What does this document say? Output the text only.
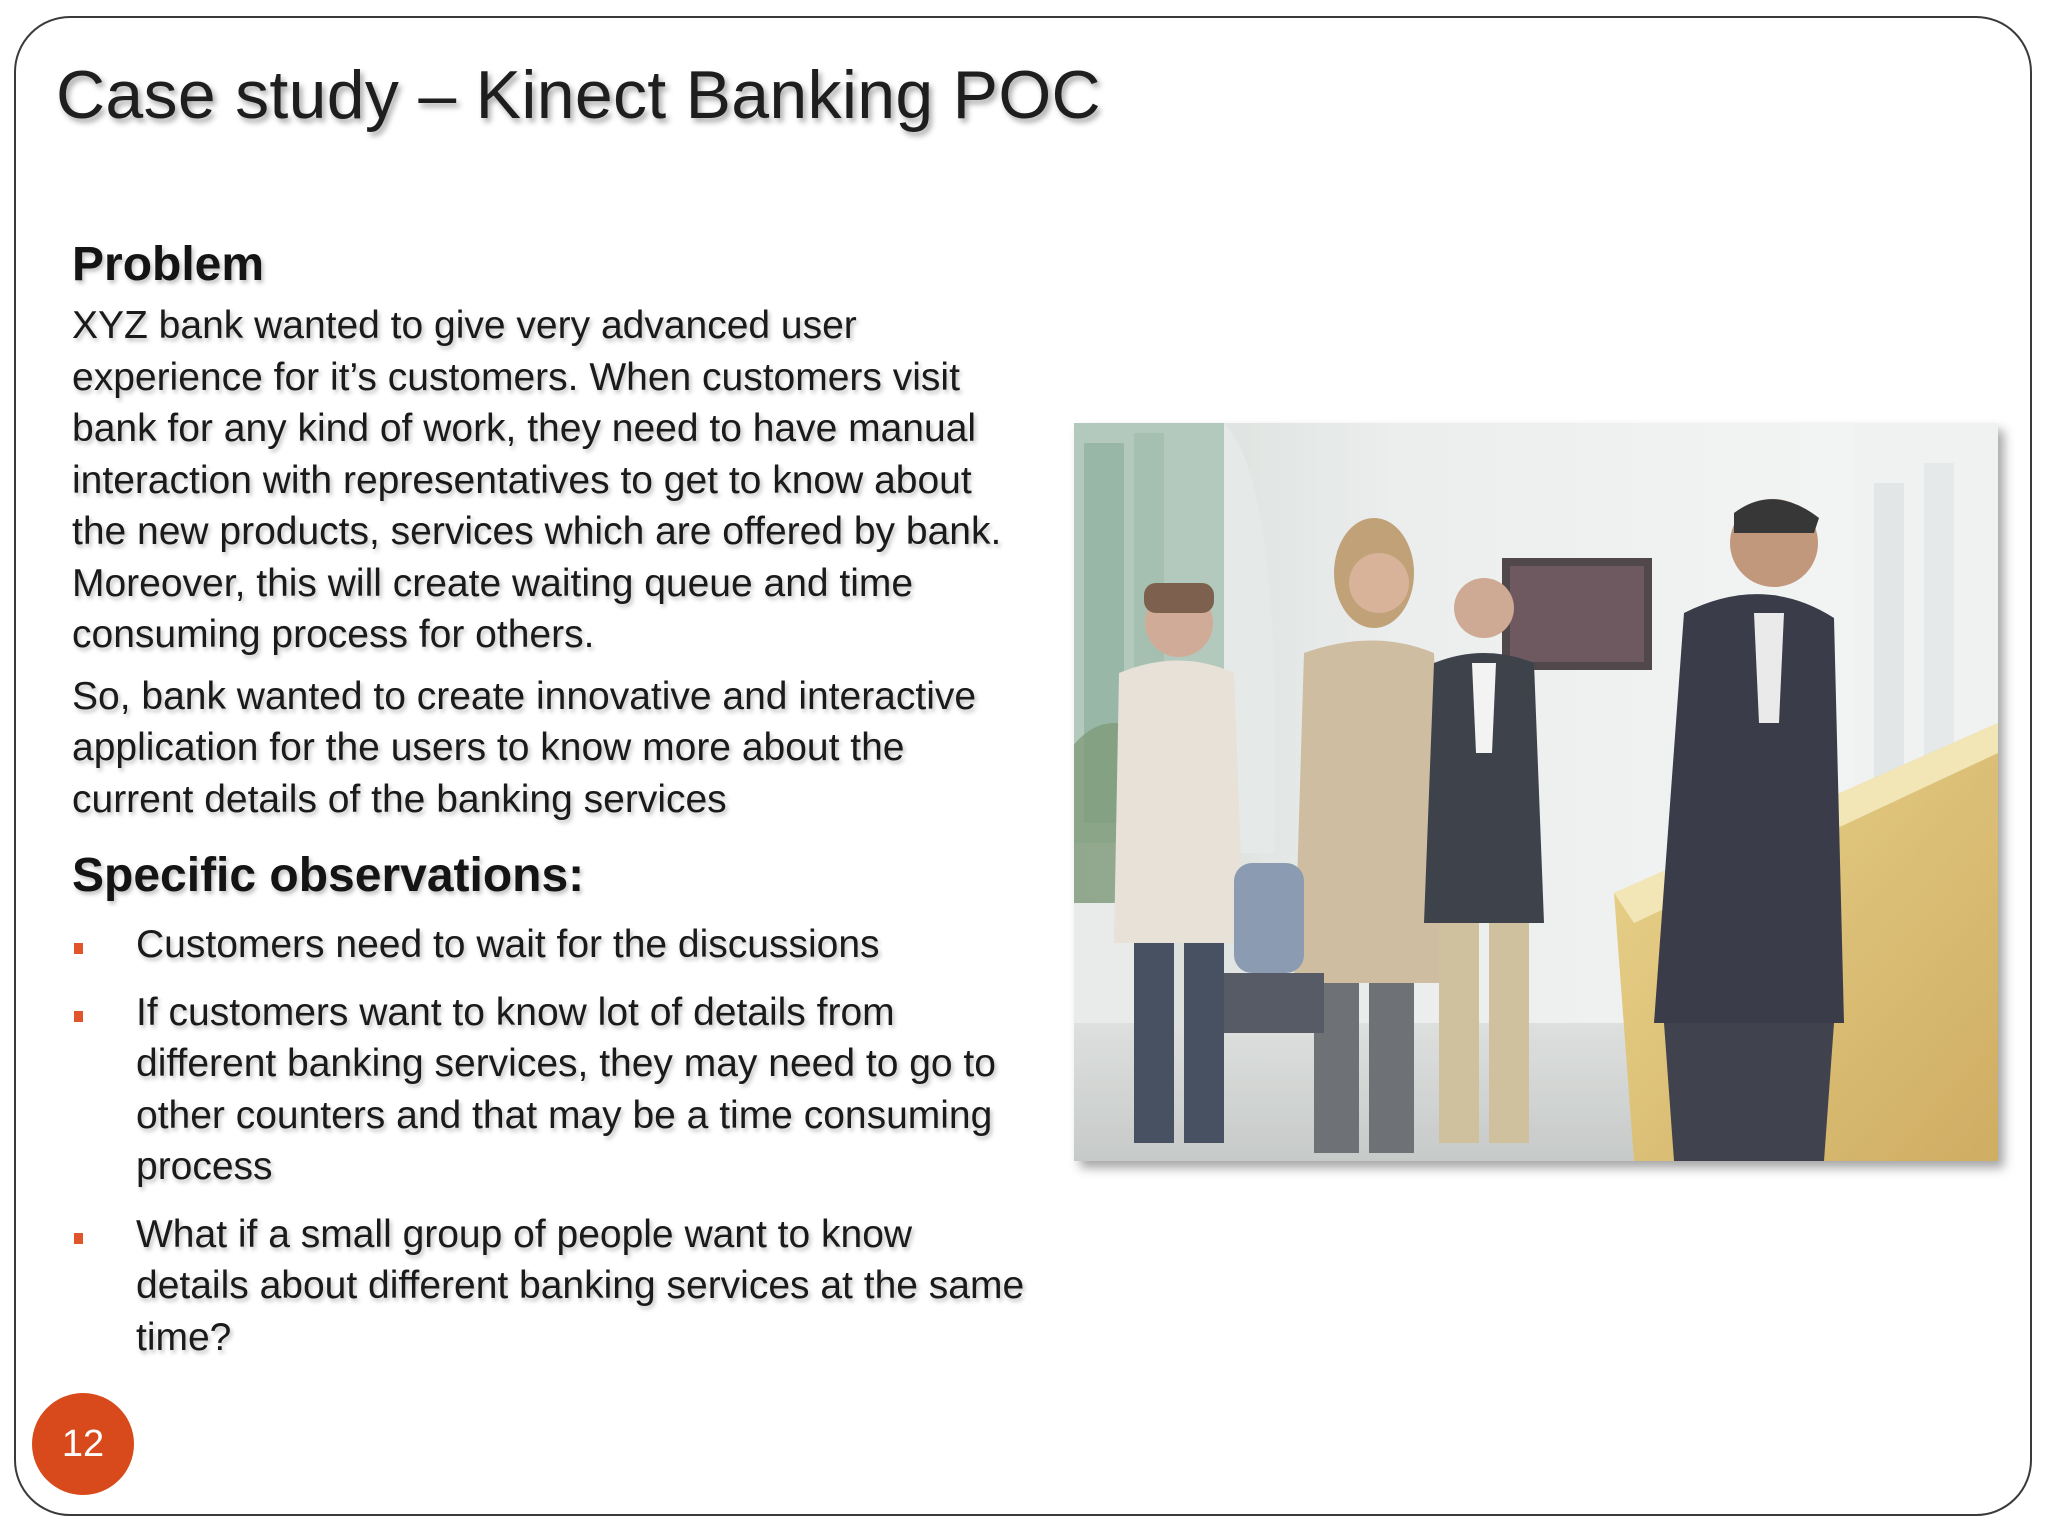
Case study – Kinect Banking POC
Problem

XYZ bank wanted to give very advanced user experience for it’s customers. When customers visit bank for any kind of work, they need to have manual interaction with representatives to get to know about the new products, services which are offered by bank. Moreover, this will create waiting queue and time consuming process for others.

So, bank wanted to create innovative and interactive application for the users to know more about the current details of the banking services

Specific observations:
Customers need to wait for the discussions
If customers want to know lot of details from different banking services, they may need to go to other counters and that may be a time consuming process
What if a small group of people want to know details about different banking services at the same time?
12
